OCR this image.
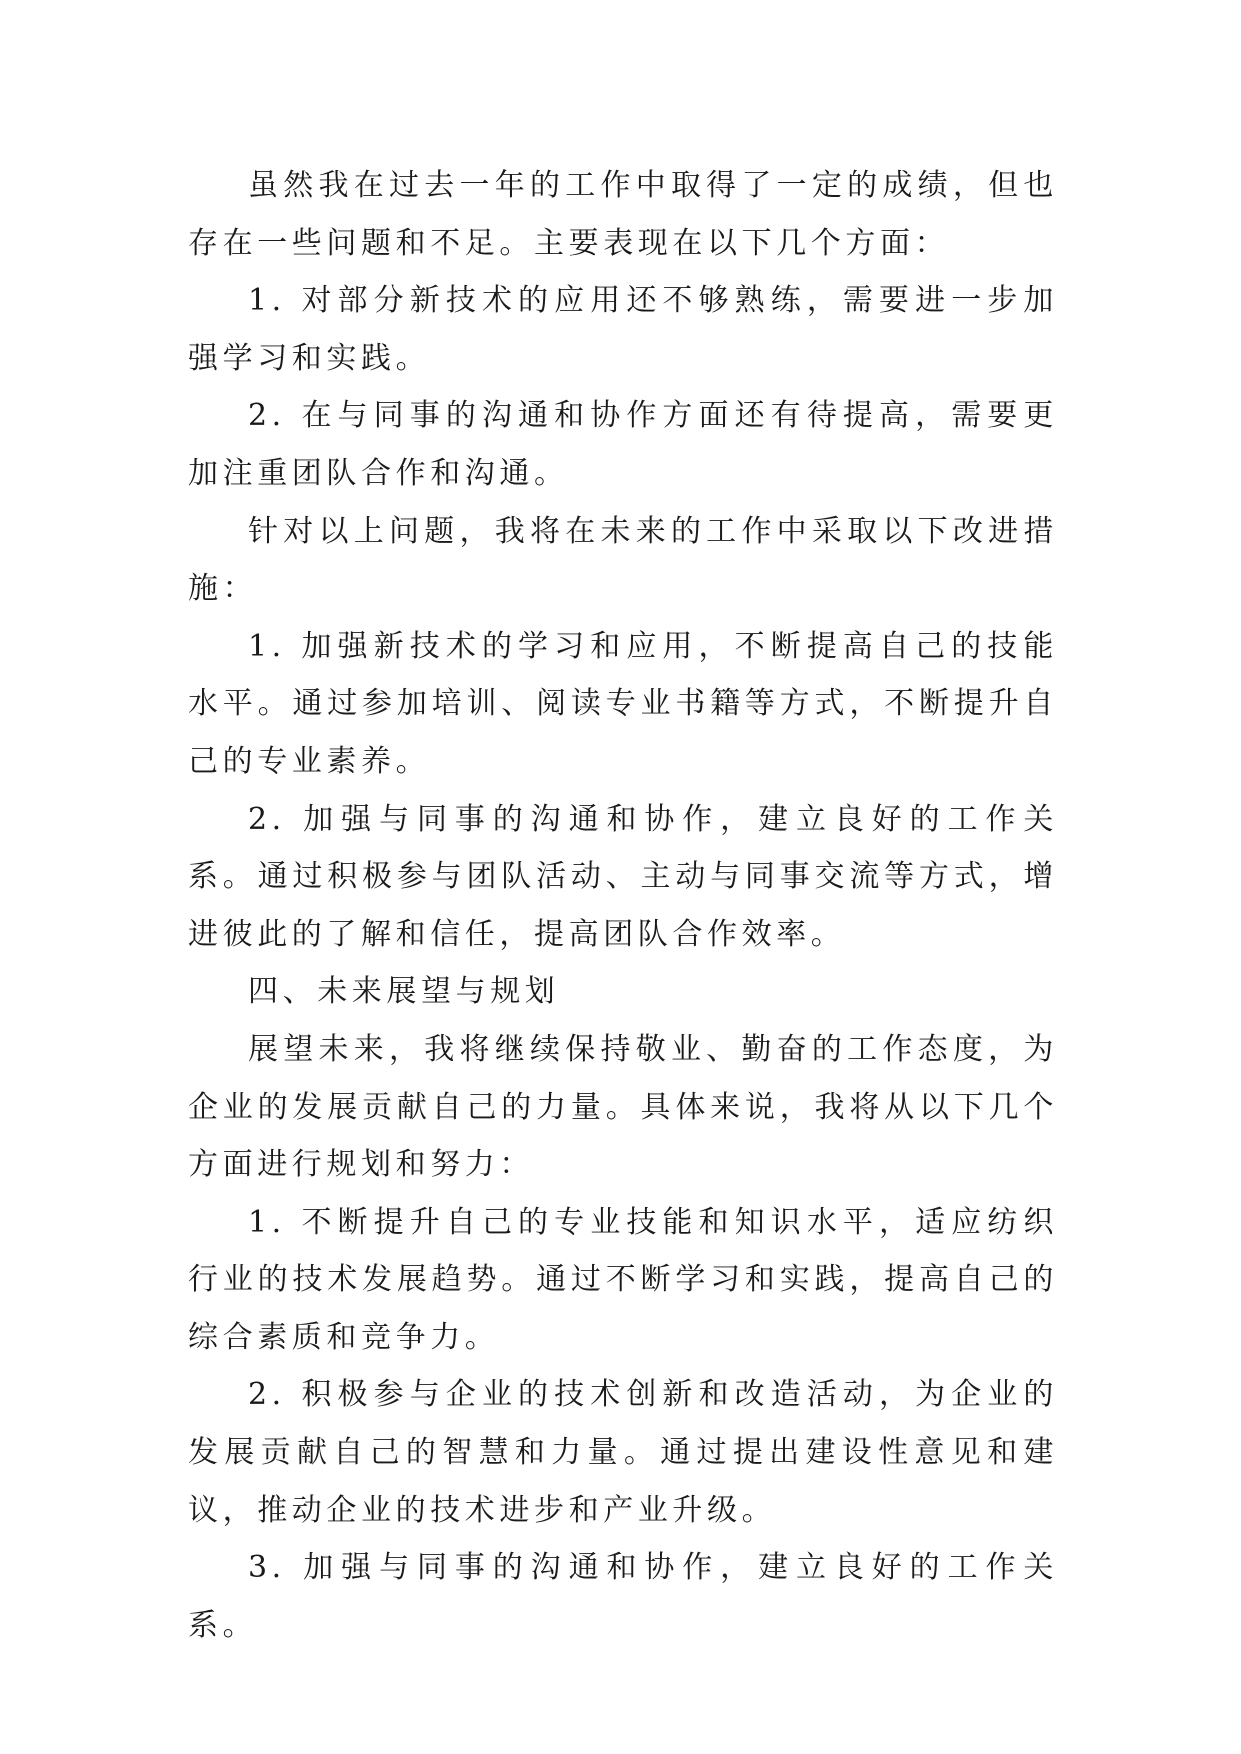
虽然我在过去一年的工作中取得了一定的成绩，但也存在一些问题和不足。主要表现在以下几个方面：

1. 对部分新技术的应用还不够熟练，需要进一步加强学习和实践。

2. 在与同事的沟通和协作方面还有待提高，需要更加注重团队合作和沟通。

针对以上问题，我将在未来的工作中采取以下改进措施：

1. 加强新技术的学习和应用，不断提高自己的技能水平。通过参加培训、阅读专业书籍等方式，不断提升自己的专业素养。

2. 加强与同事的沟通和协作，建立良好的工作关系。通过积极参与团队活动、主动与同事交流等方式，增进彼此的了解和信任，提高团队合作效率。

四、未来展望与规划

展望未来，我将继续保持敬业、勤奋的工作态度，为企业的发展贡献自己的力量。具体来说，我将从以下几个方面进行规划和努力：

1. 不断提升自己的专业技能和知识水平，适应纺织行业的技术发展趋势。通过不断学习和实践，提高自己的综合素质和竞争力。

2. 积极参与企业的技术创新和改造活动，为企业的发展贡献自己的智慧和力量。通过提出建设性意见和建议，推动企业的技术进步和产业升级。

3. 加强与同事的沟通和协作，建立良好的工作关系。
